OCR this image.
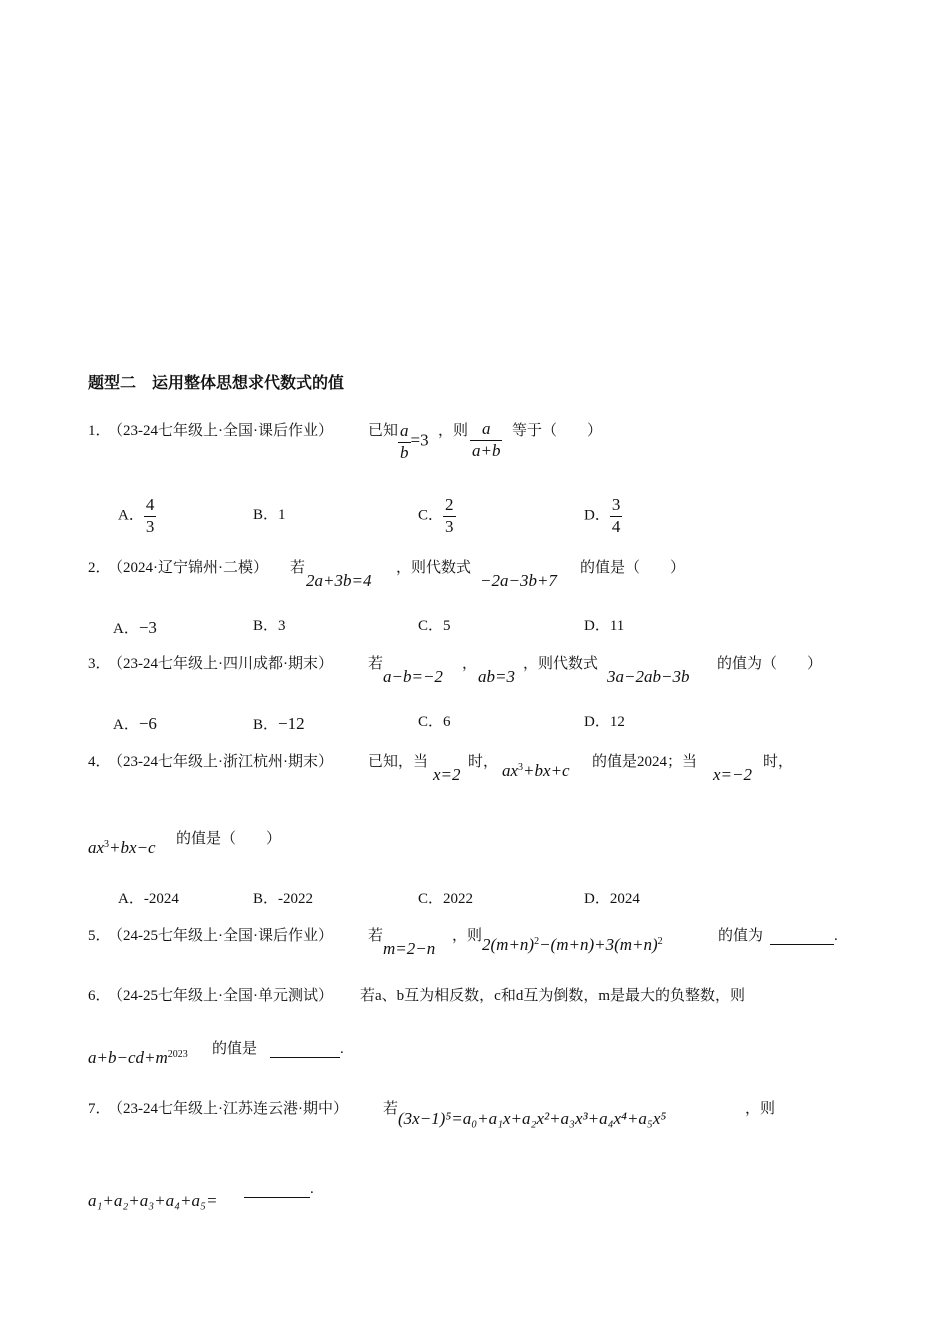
题型二　运用整体思想求代数式的值
1．
（23-24七年级上·全国·课后作业） 已知 $\frac{a}{b} =3$ ，则 $\frac{a}{a+b}$ 等于（　　）
A． $\frac{4}{3}$	B．1	C． $\frac{2}{3}$	D． $\frac{3}{4}$
2．
（2024·辽宁锦州·二模） 若
2a+3b=4
，则代数式
−2a−3b+7
的值是（　　）
A．−3	B．3	C．5	D．11
3．
（23-24七年级上·四川成都·期末） 若
a−b=−2
，
ab=3
，则代数式
3a−2ab−3b
的值为（　　）
A．−6	B．−12	C．6	D．12
4．
（23-24七年级上·浙江杭州·期末） 已知，当
x=2
时， $ax^3+bx+c$ 的值是2024；当
x=−2
时，
$ax^3+bx-c$ 的值是（　　）
A．-2024	B．-2022	C．2022	D．2024
5．
（24-25七年级上·全国·课后作业） 若
m=2−n
，则 $2(m+n)^2-(m+n)+3(m+n)^2$	的值为	.
6．
（24-25七年级上·全国·单元测试） 若a、b互为相反数，c和d互为倒数，m是最大的负整数，则
$a+b-cd+m^{2023}$ 的值是	.
7．
（23-24七年级上·江苏连云港·期中） 若 (3x−1)⁵=a₀+a₁x+a₂x²+a₃x³+a₄x⁴+a₅x⁵	，则
a₁+a₂+a₃+a₄+a₅=
.
